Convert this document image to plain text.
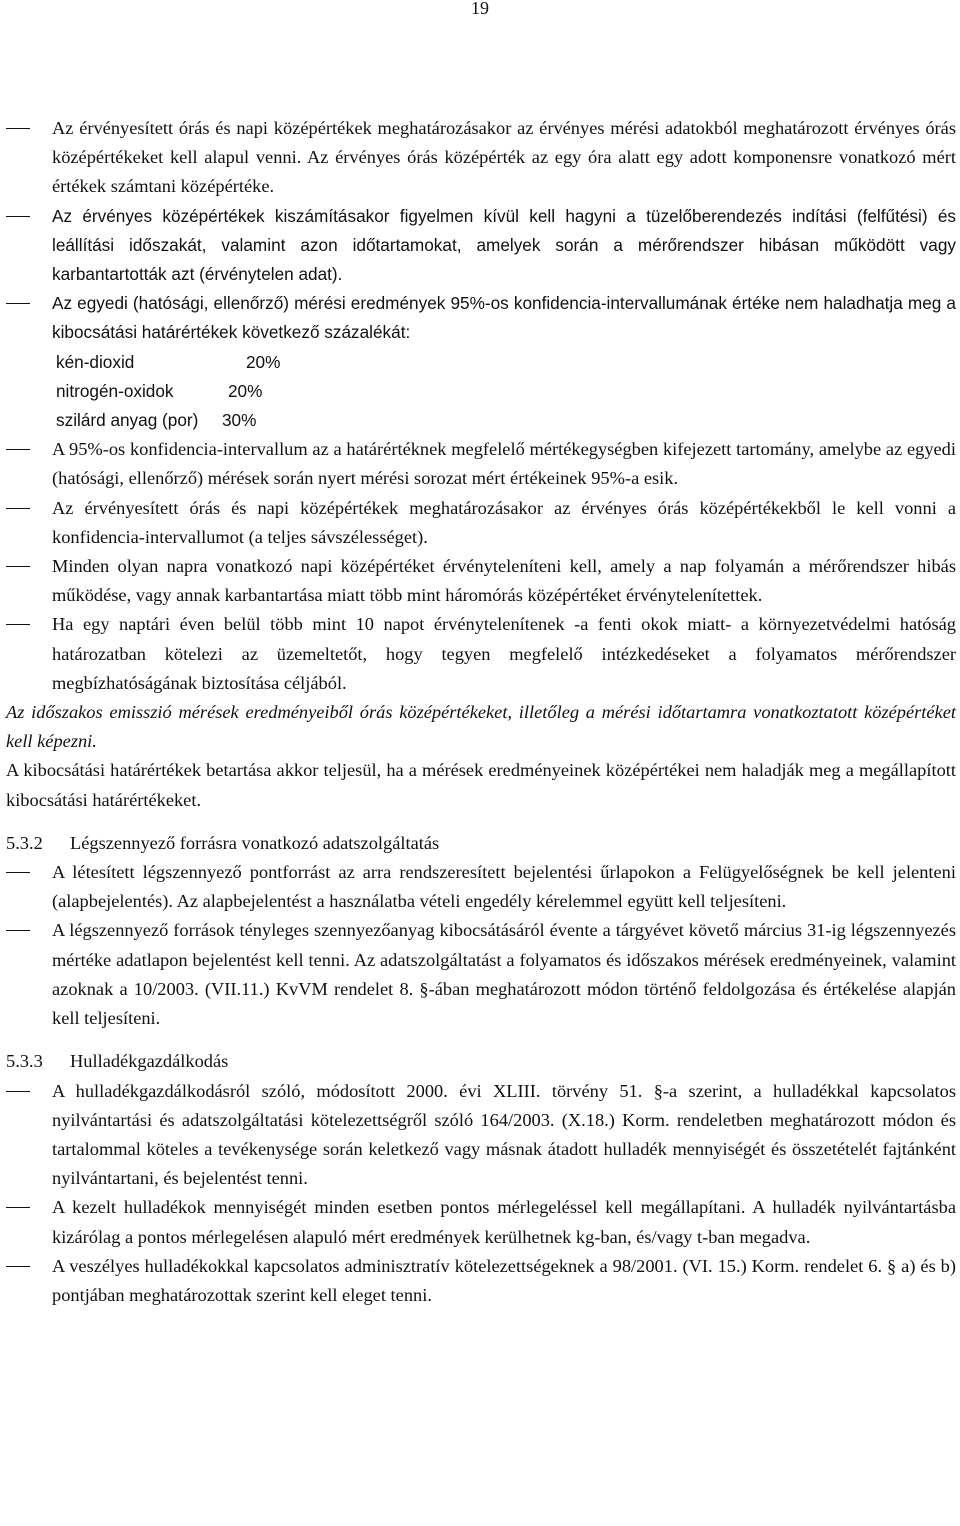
19
Az érvényesített órás és napi középértékek meghatározásakor az érvényes mérési adatokból meghatározott érvényes órás középértékeket kell alapul venni. Az érvényes órás középérték az egy óra alatt egy adott komponensre vonatkozó mért értékek számtani középértéke.
Az érvényes középértékek kiszámításakor figyelmen kívül kell hagyni a tüzelőberendezés indítási (felfűtési) és leállítási időszakát, valamint azon időtartamokat, amelyek során a mérőrendszer hibásan működött vagy karbantartották azt (érvénytelen adat).
Az egyedi (hatósági, ellenőrző) mérési eredmények 95%-os konfidencia-intervallumának értéke nem haladhatja meg a kibocsátási határértékek következő százalékát:
kén-dioxid	20%
nitrogén-oxidok	20%
szilárd anyag (por)	30%
A 95%-os konfidencia-intervallum az a határértéknek megfelelő mértékegységben kifejezett tartomány, amelybe az egyedi (hatósági, ellenőrző) mérések során nyert mérési sorozat mért értékeinek 95%-a esik.
Az érvényesített órás és napi középértékek meghatározásakor az érvényes órás középértékekből le kell vonni a konfidencia-intervallumot (a teljes sávszélességet).
Minden olyan napra vonatkozó napi középértéket érvényteleníteni kell, amely a nap folyamán a mérőrendszer hibás működése, vagy annak karbantartása miatt több mint háromórás középértéket érvénytelenítettek.
Ha egy naptári éven belül több mint 10 napot érvénytelenítenek -a fenti okok miatt- a környezetvédelmi hatóság határozatban kötelezi az üzemeltetőt, hogy tegyen megfelelő intézkedéseket a folyamatos mérőrendszer megbízhatóságának biztosítása céljából.
Az időszakos emisszió mérések eredményeiből órás középértékeket, illetőleg a mérési időtartamra vonatkoztatott középértéket kell képezni.
A kibocsátási határértékek betartása akkor teljesül, ha a mérések eredményeinek középértékei nem haladják meg a megállapított kibocsátási határértékeket.
5.3.2	Légszennyező forrásra vonatkozó adatszolgáltatás
A létesített légszennyező pontforrást az arra rendszeresített bejelentési űrlapokon a Felügyelőségnek be kell jelenteni (alapbejelentés). Az alapbejelentést a használatba vételi engedély kérelemmel együtt kell teljesíteni.
A légszennyező források tényleges szennyezőanyag kibocsátásáról évente a tárgyévet követő március 31-ig légszennyezés mértéke adatlapon bejelentést kell tenni. Az adatszolgáltatást a folyamatos és időszakos mérések eredményeinek, valamint azoknak a 10/2003. (VII.11.) KvVM rendelet 8. §-ában meghatározott módon történő feldolgozása és értékelése alapján kell teljesíteni.
5.3.3	Hulladékgazdálkodás
A hulladékgazdálkodásról szóló, módosított 2000. évi XLIII. törvény 51. §-a szerint, a hulladékkal kapcsolatos nyilvántartási és adatszolgáltatási kötelezettségről szóló 164/2003. (X.18.) Korm. rendeletben meghatározott módon és tartalommal köteles a tevékenysége során keletkező vagy másnak átadott hulladék mennyiségét és összetételét fajtánként nyilvántartani, és bejelentést tenni.
A kezelt hulladékok mennyiségét minden esetben pontos mérlegeléssel kell megállapítani. A hulladék nyilvántartásba kizárólag a pontos mérlegelésen alapuló mért eredmények kerülhetnek kg-ban, és/vagy t-ban megadva.
A veszélyes hulladékokkal kapcsolatos adminisztratív kötelezettségeknek a 98/2001. (VI. 15.) Korm. rendelet 6. § a) és b) pontjában meghatározottak szerint kell eleget tenni.
